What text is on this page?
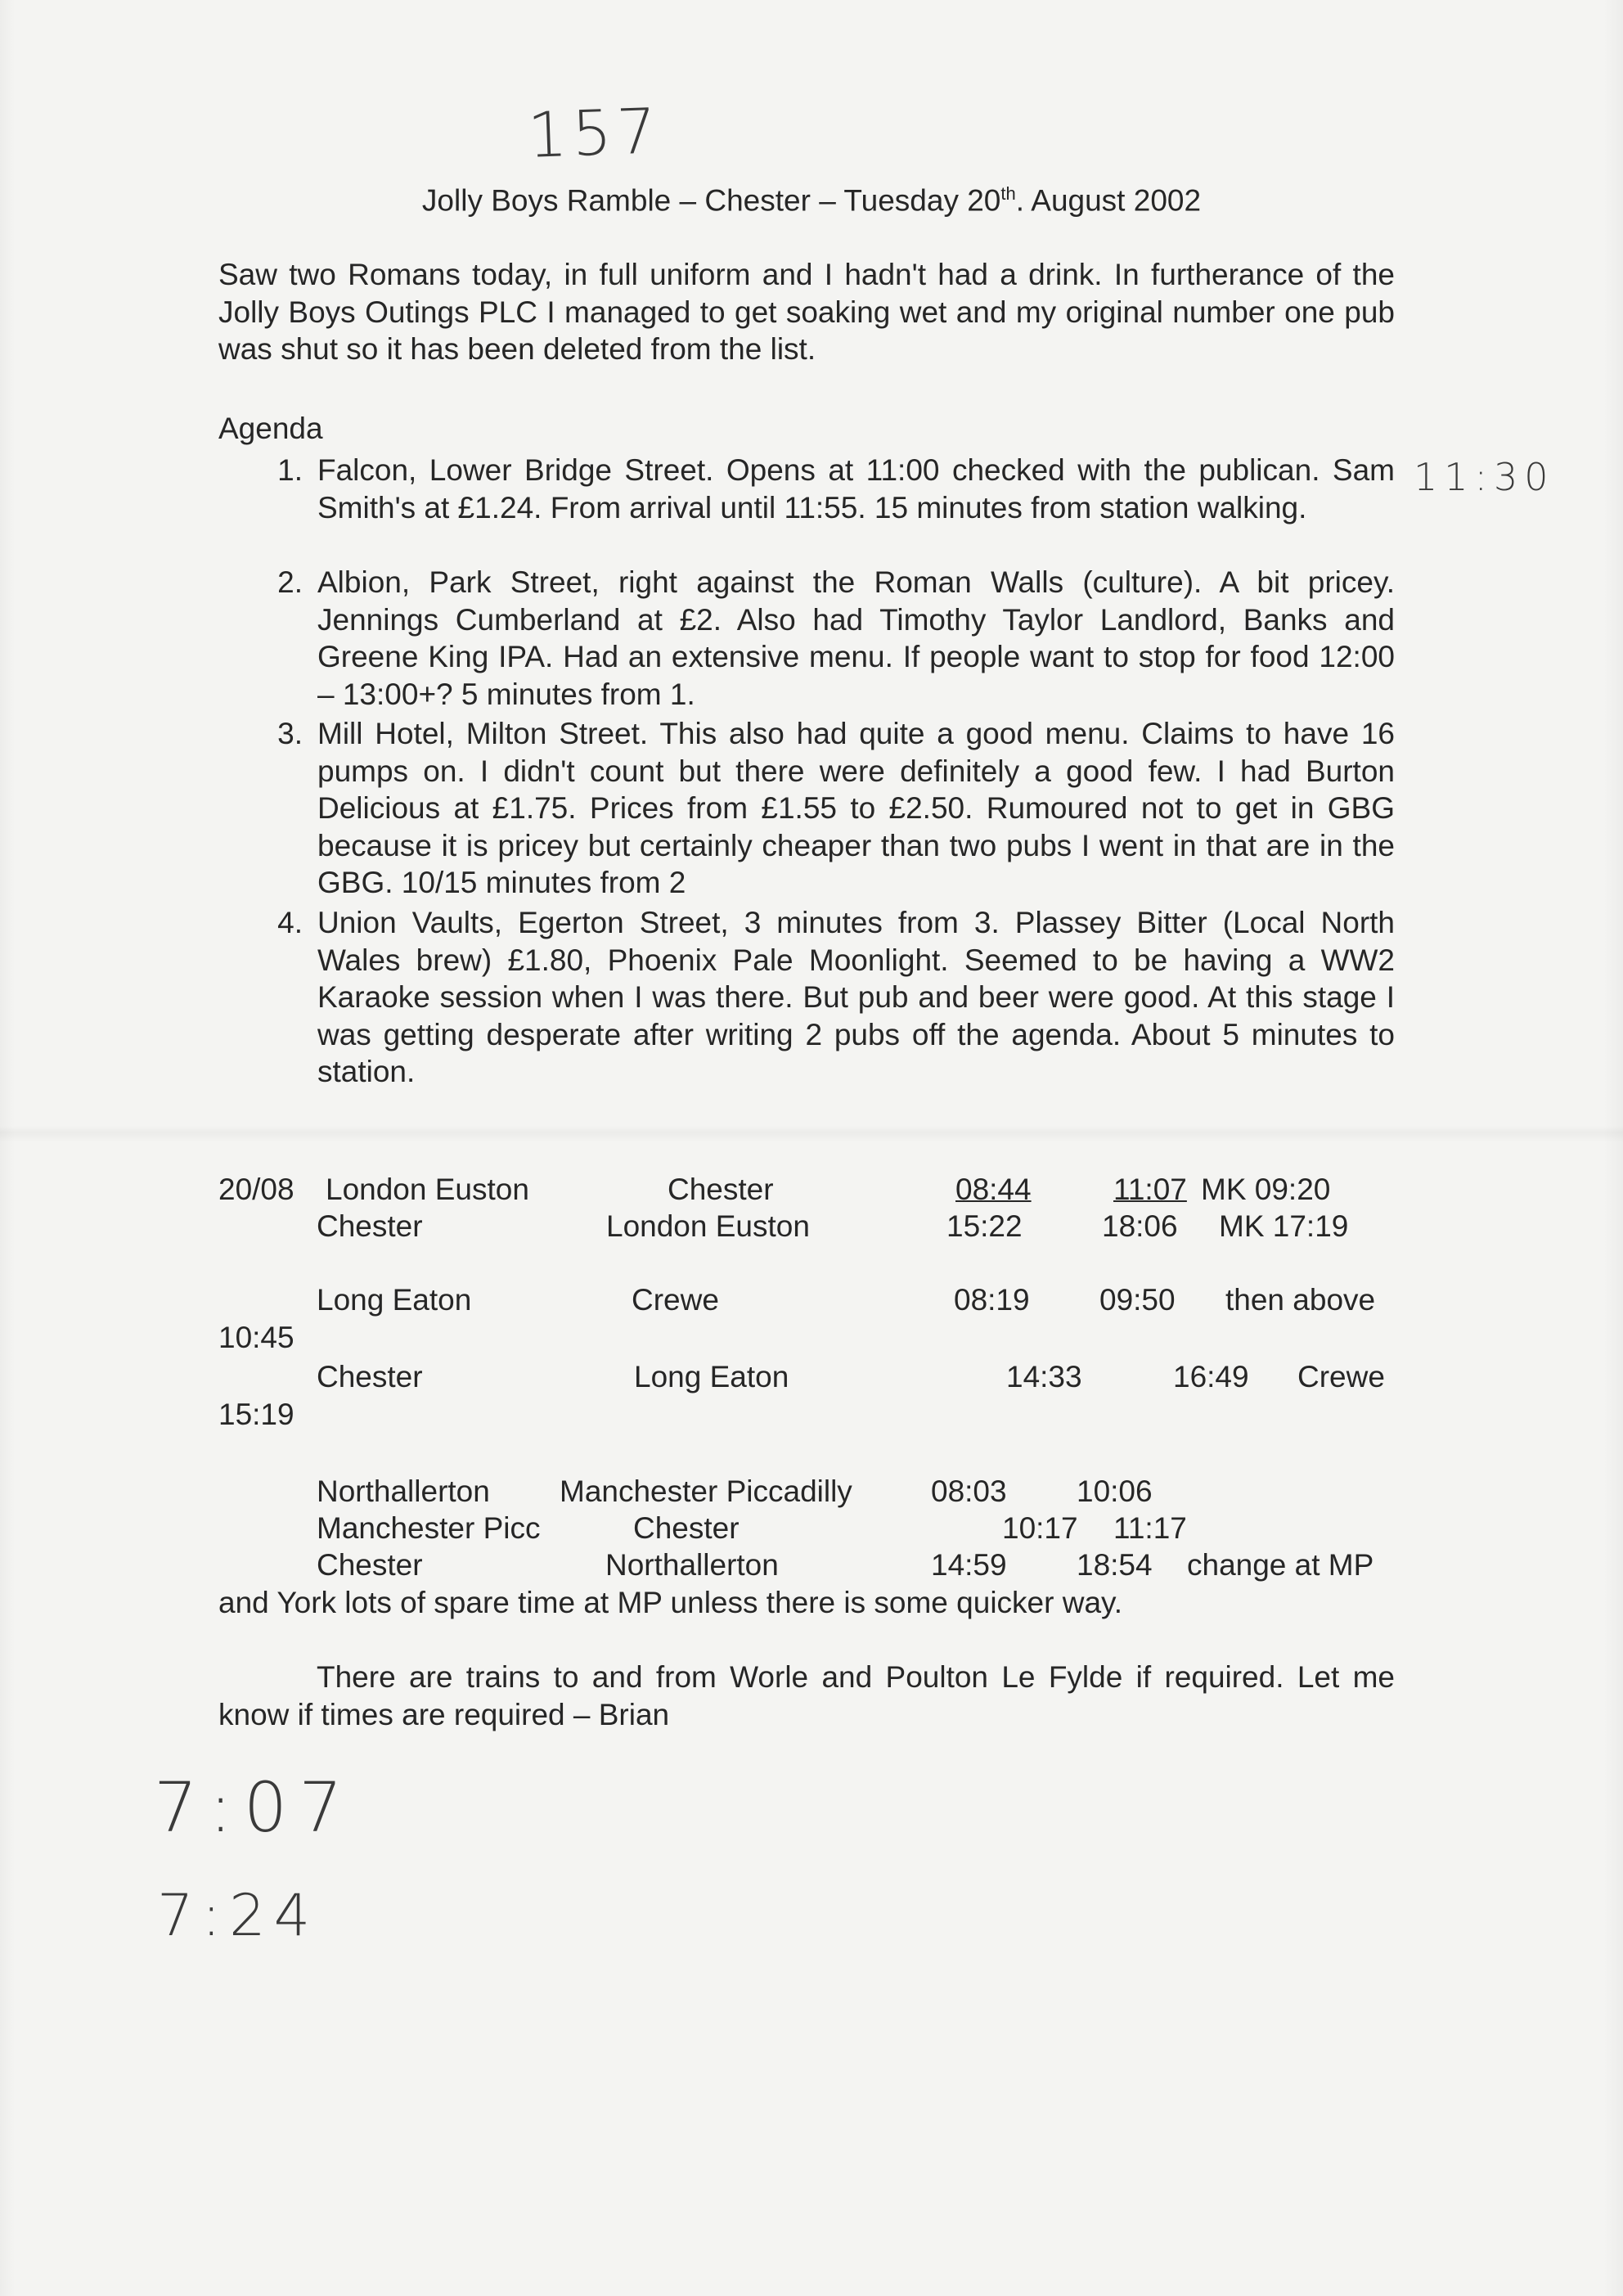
157
11:30
Jolly Boys Ramble – Chester – Tuesday 20th. August 2002
Saw two Romans today, in full uniform and I hadn't had a drink. In furtherance of the Jolly Boys Outings PLC I managed to get soaking wet and my original number one pub was shut so it has been deleted from the list.
Agenda
1. Falcon, Lower Bridge Street. Opens at 11:00 checked with the publican. Sam Smith's at £1.24. From arrival until 11:55. 15 minutes from station walking.
2. Albion, Park Street, right against the Roman Walls (culture). A bit pricey. Jennings Cumberland at £2. Also had Timothy Taylor Landlord, Banks and Greene King IPA. Had an extensive menu. If people want to stop for food 12:00 – 13:00+? 5 minutes from 1.
3. Mill Hotel, Milton Street. This also had quite a good menu. Claims to have 16 pumps on. I didn't count but there were definitely a good few. I had Burton Delicious at £1.75. Prices from £1.55 to £2.50. Rumoured not to get in GBG because it is pricey but certainly cheaper than two pubs I went in that are in the GBG. 10/15 minutes from 2
4. Union Vaults, Egerton Street, 3 minutes from 3. Plassey Bitter (Local North Wales brew) £1.80, Phoenix Pale Moonlight. Seemed to be having a WW2 Karaoke session when I was there. But pub and beer were good. At this stage I was getting desperate after writing 2 pubs off the agenda. About 5 minutes to station.
20/08 London Euston	Chester	08:44	11:07 MK 09:20
Chester	London Euston	15:22	18:06 MK 17:19
Long Eaton	Crewe	08:19 09:50 then above
10:45
Chester	Long Eaton	14:33	16:49 Crewe
15:19
Northallerton Manchester Piccadilly	08:03 10:06
Manchester Picc	Chester	10:17 11:17
Chester	Northallerton	14:59 18:54 change at MP
and York lots of spare time at MP unless there is some quicker way.
There are trains to and from Worle and Poulton Le Fylde if required. Let me know if times are required – Brian
7:07
7:24
